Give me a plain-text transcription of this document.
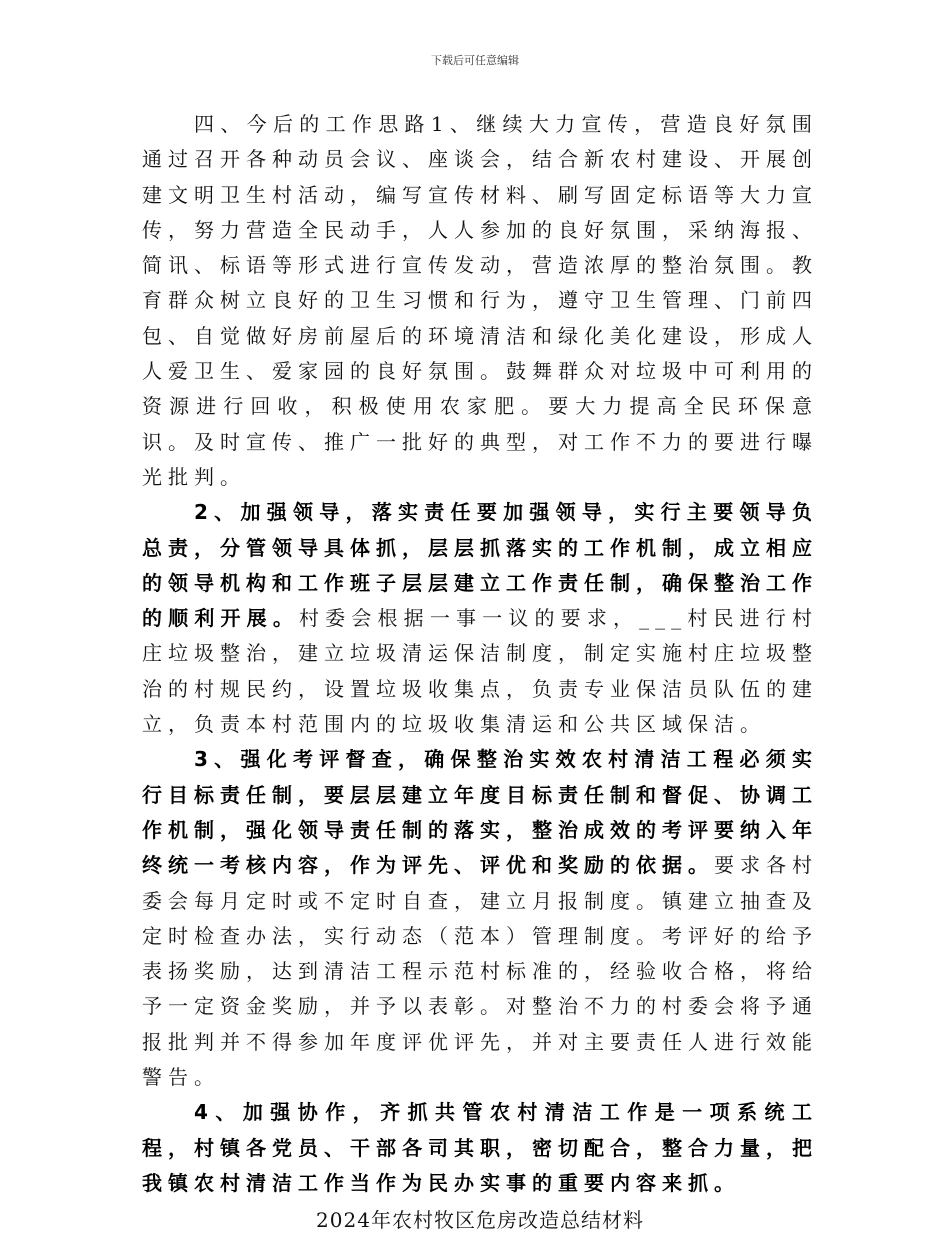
下载后可任意编辑

四、今后的工作思路1、继续大力宣传，营造良好氛围通过召开各种动员会议、座谈会，结合新农村建设、开展创建文明卫生村活动，编写宣传材料、刷写固定标语等大力宣传，努力营造全民动手，人人参加的良好氛围，采纳海报、简讯、标语等形式进行宣传发动，营造浓厚的整治氛围。教育群众树立良好的卫生习惯和行为，遵守卫生管理、门前四包、自觉做好房前屋后的环境清洁和绿化美化建设，形成人人爱卫生、爱家园的良好氛围。鼓舞群众对垃圾中可利用的资源进行回收，积极使用农家肥。要大力提高全民环保意识。及时宣传、推广一批好的典型，对工作不力的要进行曝光批判。

2、加强领导，落实责任要加强领导，实行主要领导负总责，分管领导具体抓，层层抓落实的工作机制，成立相应的领导机构和工作班子层层建立工作责任制，确保整治工作的顺利开展。村委会根据一事一议的要求，___村民进行村庄垃圾整治，建立垃圾清运保洁制度，制定实施村庄垃圾整治的村规民约，设置垃圾收集点，负责专业保洁员队伍的建立，负责本村范围内的垃圾收集清运和公共区域保洁。

3、强化考评督查，确保整治实效农村清洁工程必须实行目标责任制，要层层建立年度目标责任制和督促、协调工作机制，强化领导责任制的落实，整治成效的考评要纳入年终统一考核内容，作为评先、评优和奖励的依据。要求各村委会每月定时或不定时自查，建立月报制度。镇建立抽查及定时检查办法，实行动态（范本）管理制度。考评好的给予表扬奖励，达到清洁工程示范村标准的，经验收合格，将给予一定资金奖励，并予以表彰。对整治不力的村委会将予通报批判并不得参加年度评优评先，并对主要责任人进行效能警告。

4、加强协作，齐抓共管农村清洁工作是一项系统工程，村镇各党员、干部各司其职，密切配合，整合力量，把我镇农村清洁工作当作为民办实事的重要内容来抓。

2024年农村牧区危房改造总结材料
